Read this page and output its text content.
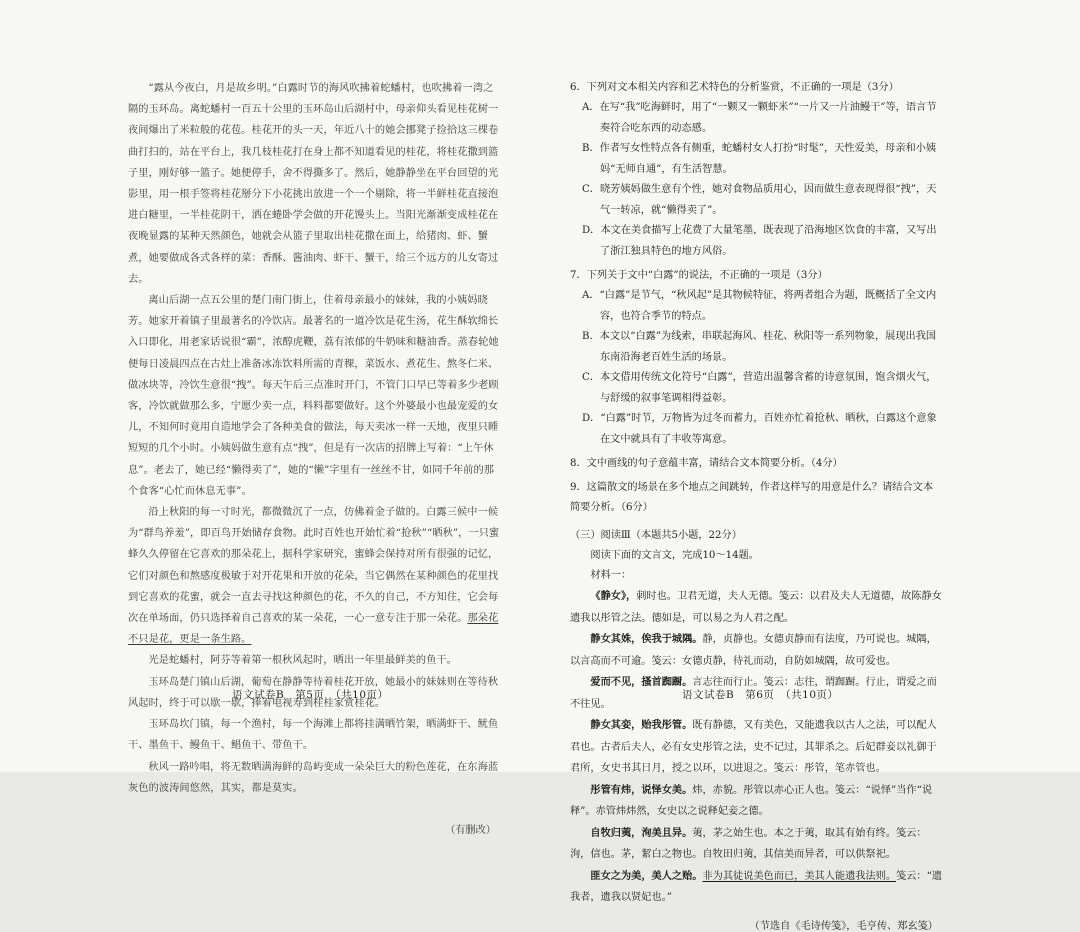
“露从今夜白，月是故乡明。”白露时节的海风吹拂着蛇蟠村，也吹拂着一湾之隔的玉环岛。离蛇蟠村一百五十公里的玉环岛山后湖村中，母亲仰头看见桂花树一夜间爆出了米粒般的花苞。桂花开的头一天，年近八十的她会挪凳子捡拾这三棵卷曲打扫的，站在平台上，我几枝桂花打在身上都不知道看见的桂花，将桂花撒到篮子里，刚好够一篮子。她便停手，舍不得撕多了。然后，她静静坐在平台回望的光影里，用一根手签将桂花掰分下小花挑出放进一个一个剔除，将一半鲜桂花直接泡进白糖里，一半桂花阴干，洒在蜷卧学会做的开花馒头上。当阳光渐渐变成桂花在夜晚显露的某种天然颜色，她就会从篮子里取出桂花撒在面上，给猪肉、虾、蟹煮，她要做成各式各样的菜：香酥、酱油肉、虾干、蟹干，给三个远方的儿女寄过去。

离山后湖一点五公里的楚门南门街上，住着母亲最小的妹妹，我的小姨妈晓芳。她家开着镇子里最著名的冷饮店。最著名的一道冷饮是花生汤，花生酥软绵长入口即化，用老家话说很“霸”，浓醇虎鞭，荔有浓郁的牛奶味和糖油香。蒸春轮她便每日凌晨四点在古灶上准备冰冻饮料所需的青稞，菜饭水、煮花生、熬冬仁米、做冰块等，冷饮生意很“拽”。每天午后三点准时开门，不管门口早已等着多少老顾客，冷饮就做那么多，宁愿少卖一点，料料都要做好。这个外婆最小也最宠爱的女儿，不知何时竟用自造地学会了各种美食的做法，每天卖冰一样一天地，夜里只睡短短的几个小时。小姨妈做生意有点“拽”，但是有一次店的招牌上写着：“上午休息”。老去了，她已经“懒得卖了”，她的“懒”字里有一丝丝不甘，如同千年前的那个食客“心忙而休息无事”。

沿上秋阳的每一寸时光，都微微沉了一点，仿佛着金子做的。白露三候中一候为“群鸟养羞”，即百鸟开始储存食物。此时百姓也开始忙着“抢秋”“晒秋”，一只蜜蜂久久停留在它喜欢的那朵花上，据科学家研究，蜜蜂会保持对所有很强的记忆，它们对颜色和熬感度极敏于对开花果和开放的花朵，当它偶然在某种颜色的花里找到它喜欢的花蜜，就会一直去寻找这种颜色的花，不久的自己，不方知住，它会每次在单场面，仍只选择着自己喜欢的某一朵花，一心一意专注于那一朵花。那朵花不只是花，更是一条生路。

光是蛇蟠村，阿芬等着第一根秋风起时，晒出一年里最鲜美的鱼干。

玉环岛楚门镇山后湖，葡萄在静静等待着桂花开放，她最小的妹妹则在等待秋风起时，终于可以歇一歇，捧着电视寿到桂桂家赏桂花。

玉环岛坎门镇，每一个渔村，每一个海滩上都将挂满晒竹架，晒满虾干、鱿鱼干、墨鱼干、鳗鱼干、鲳鱼干、带鱼干。

秋风一路吟唱，将无数晒满海鲜的岛屿变成一朵朵巨大的粉色莲花，在东海蓝灰色的波涛间悠然，其实，都是莫实。

（有删改）

6．下列对文本相关内容和艺术特色的分析鉴赏，不正确的一项是（3分）

A．在写“我”吃海鲜时，用了“一颗又一颗虾米”“一片又一片油鳗干”等，语言节奏符合吃东西的动态感。

B．作者写女性特点各有侧重，蛇蟠村女人打扮“时髦”，天性爱美，母亲和小姨妈“无师自通”，有生活智慧。

C．晓芳姨妈做生意有个性，她对食物品质用心，因而做生意表现得很“拽”，天气一转凉，就“懒得卖了”。

D．本文在美食描写上花费了大量笔墨，既表现了沿海地区饮食的丰富，又写出了浙江独具特色的地方风俗。

7．下列关于文中“白露”的说法，不正确的一项是（3分）

A．“白露”是节气，“秋风起”是其物候特征，将两者组合为题，既概括了全文内容，也符合季节的特点。

B．本文以“白露”为线索，串联起海风、桂花、秋阳等一系列物象，展现出我国东南沿海老百姓生活的场景。

C．本文借用传统文化符号“白露”，营造出温馨含蓄的诗意氛围，饱含烟火气，与舒缓的叙事笔调相得益彰。

D．“白露”时节，万物皆为过冬而蓄力，百姓亦忙着抢秋、晒秋，白露这个意象在文中就具有了丰收等寓意。

8．文中画线的句子意蕴丰富，请结合文本简要分析。（4分）

9．这篇散文的场景在多个地点之间跳转，作者这样写的用意是什么？请结合文本简要分析。（6分）

（三）阅读Ⅲ（本题共5小题，22分）

阅读下面的文言文，完成10～14题。

材料一：

《静女》，刺时也。卫君无道，夫人无德。笺云：以君及夫人无道德，故陈静女遗我以彤管之法。德如是，可以易之为人君之配。

静女其姝，俟我于城隅。静，贞静也。女德贞静而有法度，乃可说也。城隅，以言高而不可逾。笺云：女德贞静，待礼而动，自防如城隅，故可爱也。

爱而不见，搔首踟蹰。言志往而行止。笺云：志往，谓踟蹰。行止，谓爱之而不往见。

静女其娈，贻我彤管。既有静德，又有美色，又能遗我以古人之法，可以配人君也。古者后夫人，必有女史彤管之法，史不记过，其罪杀之。后妃群妾以礼御于君所，女史书其日月，授之以环，以进退之。笺云：彤管，笔赤管也。

彤管有炜，说怿女美。炜，赤貌。彤管以赤心正人也。笺云：“说怿”当作“说释”。赤管炜炜然，女史以之说释妃妾之德。

自牧归荑，洵美且异。荑，茅之始生也。本之于荑，取其有始有终。笺云：洵，信也。茅，絜白之物也。自牧田归荑，其信美而异者，可以供祭祀。

匪女之为美，美人之贻。非为其徒说美色而已，美其人能遗我法则。笺云：“遗我者，遗我以贤妃也。”

（节选自《毛诗传笺》，毛亨传、郑玄笺）

语文试卷B　第5页　（共10页）	语文试卷B　第6页　（共10页）
